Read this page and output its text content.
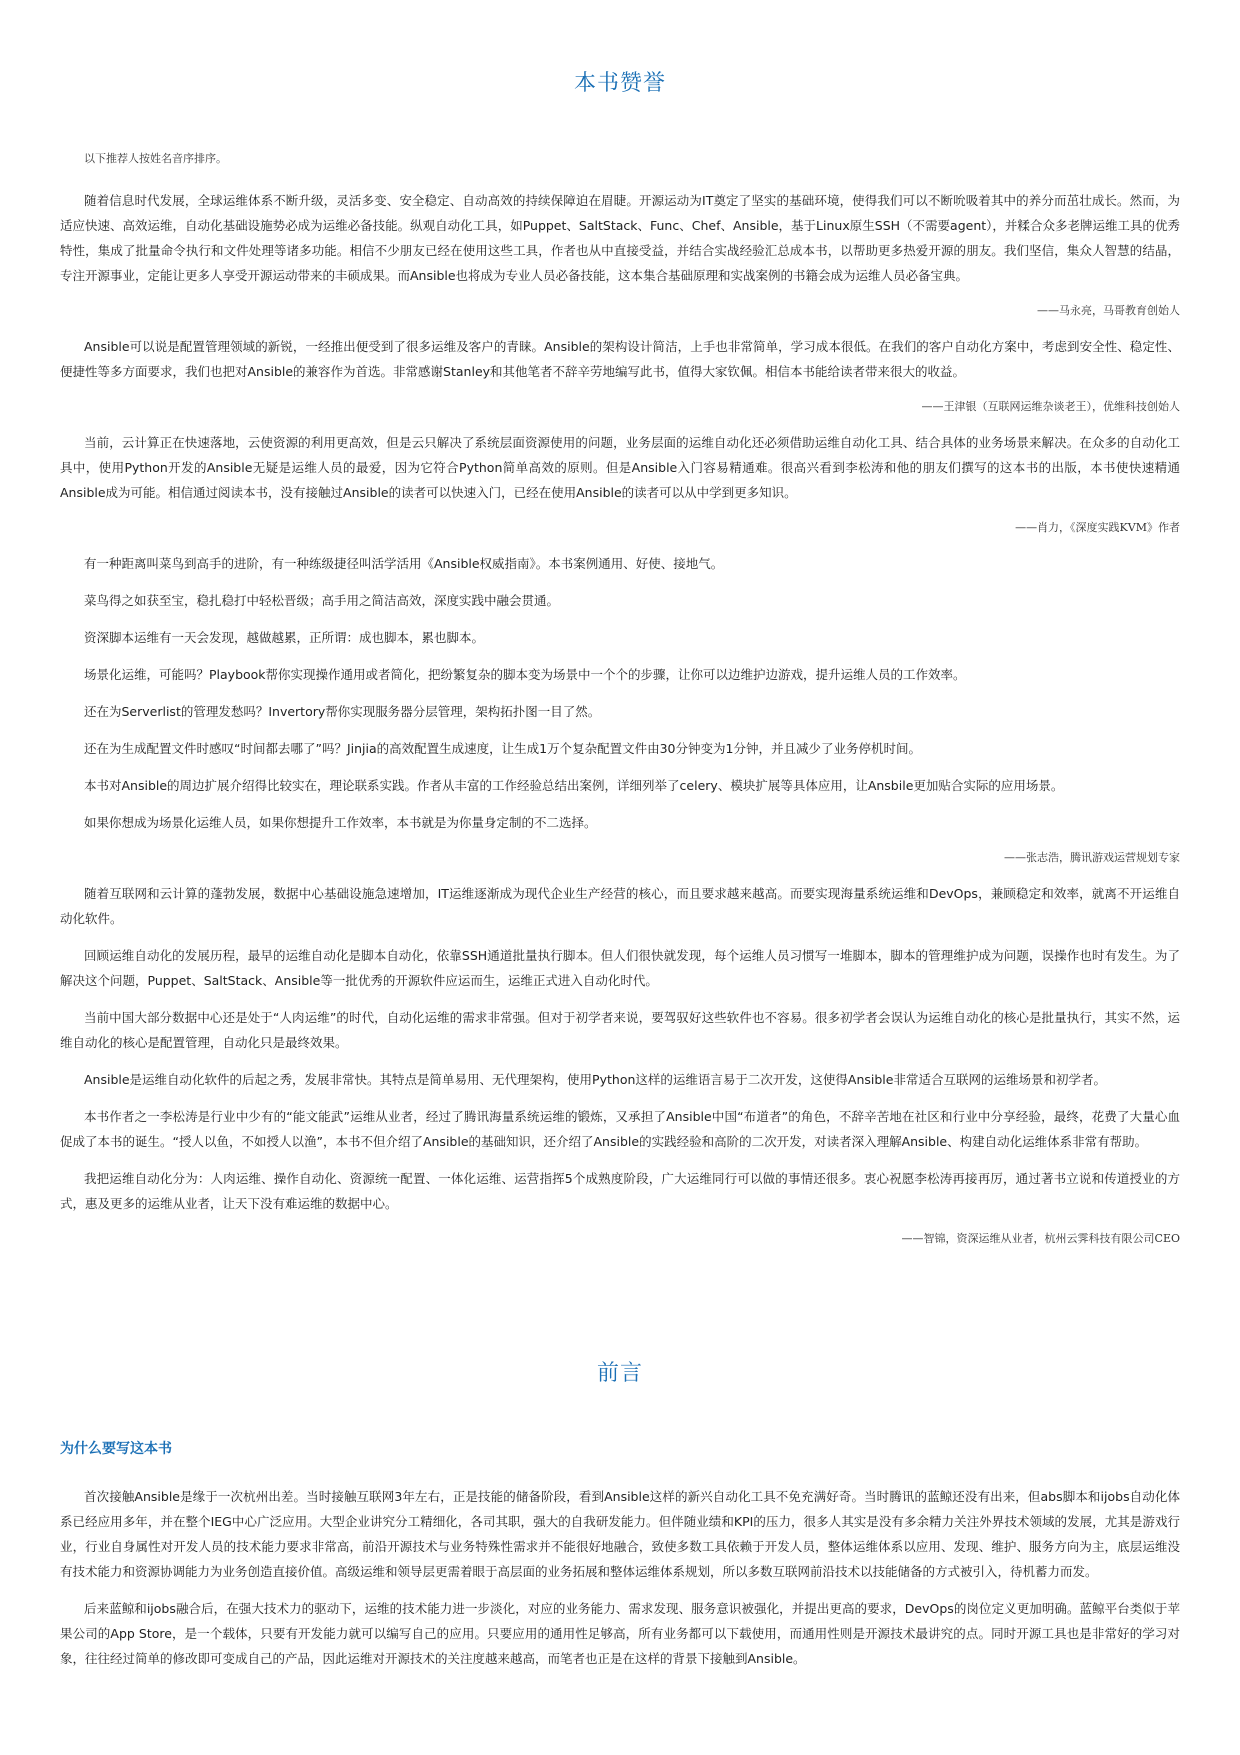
本书赞誉

以下推荐人按姓名音序排序。

随着信息时代发展，全球运维体系不断升级，灵活多变、安全稳定、自动高效的持续保障迫在眉睫。开源运动为IT奠定了坚实的基础环境，使得我们可以不断吮吸着其中的养分而茁壮成长。然而，为适应快速、高效运维，自动化基础设施势必成为运维必备技能。纵观自动化工具，如Puppet、SaltStack、Func、Chef、Ansible，基于Linux原生SSH（不需要agent），并糅合众多老牌运维工具的优秀特性，集成了批量命令执行和文件处理等诸多功能。相信不少朋友已经在使用这些工具，作者也从中直接受益，并结合实战经验汇总成本书，以帮助更多热爱开源的朋友。我们坚信，集众人智慧的结晶，专注开源事业，定能让更多人享受开源运动带来的丰硕成果。而Ansible也将成为专业人员必备技能，这本集合基础原理和实战案例的书籍会成为运维人员必备宝典。

——马永亮，马哥教育创始人

Ansible可以说是配置管理领域的新锐，一经推出便受到了很多运维及客户的青睐。Ansible的架构设计简洁，上手也非常简单，学习成本很低。在我们的客户自动化方案中，考虑到安全性、稳定性、便捷性等多方面要求，我们也把对Ansible的兼容作为首选。非常感谢Stanley和其他笔者不辞辛劳地编写此书，值得大家钦佩。相信本书能给读者带来很大的收益。

——王津银（互联网运维杂谈老王），优维科技创始人

当前，云计算正在快速落地，云使资源的利用更高效，但是云只解决了系统层面资源使用的问题，业务层面的运维自动化还必须借助运维自动化工具、结合具体的业务场景来解决。在众多的自动化工具中，使用Python开发的Ansible无疑是运维人员的最爱，因为它符合Python简单高效的原则。但是Ansible入门容易精通难。很高兴看到李松涛和他的朋友们撰写的这本书的出版，本书使快速精通Ansible成为可能。相信通过阅读本书，没有接触过Ansible的读者可以快速入门，已经在使用Ansible的读者可以从中学到更多知识。

——肖力，《深度实践KVM》作者

有一种距离叫菜鸟到高手的进阶，有一种练级捷径叫活学活用《Ansible权威指南》。本书案例通用、好使、接地气。

菜鸟得之如获至宝，稳扎稳打中轻松晋级；高手用之简洁高效，深度实践中融会贯通。

资深脚本运维有一天会发现，越做越累，正所谓：成也脚本，累也脚本。

场景化运维，可能吗？Playbook帮你实现操作通用或者简化，把纷繁复杂的脚本变为场景中一个个的步骤，让你可以边维护边游戏，提升运维人员的工作效率。

还在为Serverlist的管理发愁吗？Invertory帮你实现服务器分层管理，架构拓扑图一目了然。

还在为生成配置文件时感叹“时间都去哪了”吗？Jinjia的高效配置生成速度，让生成1万个复杂配置文件由30分钟变为1分钟，并且减少了业务停机时间。

本书对Ansible的周边扩展介绍得比较实在，理论联系实践。作者从丰富的工作经验总结出案例，详细列举了celery、模块扩展等具体应用，让Ansbile更加贴合实际的应用场景。

如果你想成为场景化运维人员，如果你想提升工作效率，本书就是为你量身定制的不二选择。

——张志浩，腾讯游戏运营规划专家

随着互联网和云计算的蓬勃发展，数据中心基础设施急速增加，IT运维逐渐成为现代企业生产经营的核心，而且要求越来越高。而要实现海量系统运维和DevOps，兼顾稳定和效率，就离不开运维自动化软件。

回顾运维自动化的发展历程，最早的运维自动化是脚本自动化，依靠SSH通道批量执行脚本。但人们很快就发现，每个运维人员习惯写一堆脚本，脚本的管理维护成为问题，误操作也时有发生。为了解决这个问题，Puppet、SaltStack、Ansible等一批优秀的开源软件应运而生，运维正式进入自动化时代。

当前中国大部分数据中心还是处于“人肉运维”的时代，自动化运维的需求非常强。但对于初学者来说，要驾驭好这些软件也不容易。很多初学者会误认为运维自动化的核心是批量执行，其实不然，运维自动化的核心是配置管理，自动化只是最终效果。

Ansible是运维自动化软件的后起之秀，发展非常快。其特点是简单易用、无代理架构，使用Python这样的运维语言易于二次开发，这使得Ansible非常适合互联网的运维场景和初学者。

本书作者之一李松涛是行业中少有的“能文能武”运维从业者，经过了腾讯海量系统运维的锻炼，又承担了Ansible中国“布道者”的角色，不辞辛苦地在社区和行业中分享经验，最终，花费了大量心血促成了本书的诞生。“授人以鱼，不如授人以渔”，本书不但介绍了Ansible的基础知识，还介绍了Ansible的实践经验和高阶的二次开发，对读者深入理解Ansible、构建自动化运维体系非常有帮助。

我把运维自动化分为：人肉运维、操作自动化、资源统一配置、一体化运维、运营指挥5个成熟度阶段，广大运维同行可以做的事情还很多。衷心祝愿李松涛再接再厉，通过著书立说和传道授业的方式，惠及更多的运维从业者，让天下没有难运维的数据中心。

——智锦，资深运维从业者，杭州云霁科技有限公司CEO

前言
为什么要写这本书

首次接触Ansible是缘于一次杭州出差。当时接触互联网3年左右，正是技能的储备阶段，看到Ansible这样的新兴自动化工具不免充满好奇。当时腾讯的蓝鲸还没有出来，但abs脚本和ijobs自动化体系已经应用多年，并在整个IEG中心广泛应用。大型企业讲究分工精细化，各司其职，强大的自我研发能力。但伴随业绩和KPI的压力，很多人其实是没有多余精力关注外界技术领域的发展，尤其是游戏行业，行业自身属性对开发人员的技术能力要求非常高，前沿开源技术与业务特殊性需求并不能很好地融合，致使多数工具依赖于开发人员，整体运维体系以应用、发现、维护、服务方向为主，底层运维没有技术能力和资源协调能力为业务创造直接价值。高级运维和领导层更需着眼于高层面的业务拓展和整体运维体系规划，所以多数互联网前沿技术以技能储备的方式被引入，待机蓄力而发。

后来蓝鲸和ijobs融合后，在强大技术力的驱动下，运维的技术能力进一步淡化，对应的业务能力、需求发现、服务意识被强化，并提出更高的要求，DevOps的岗位定义更加明确。蓝鲸平台类似于苹果公司的App Store，是一个载体，只要有开发能力就可以编写自己的应用。只要应用的通用性足够高，所有业务都可以下载使用，而通用性则是开源技术最讲究的点。同时开源工具也是非常好的学习对象，往往经过简单的修改即可变成自己的产品，因此运维对开源技术的关注度越来越高，而笔者也正是在这样的背景下接触到Ansible。
